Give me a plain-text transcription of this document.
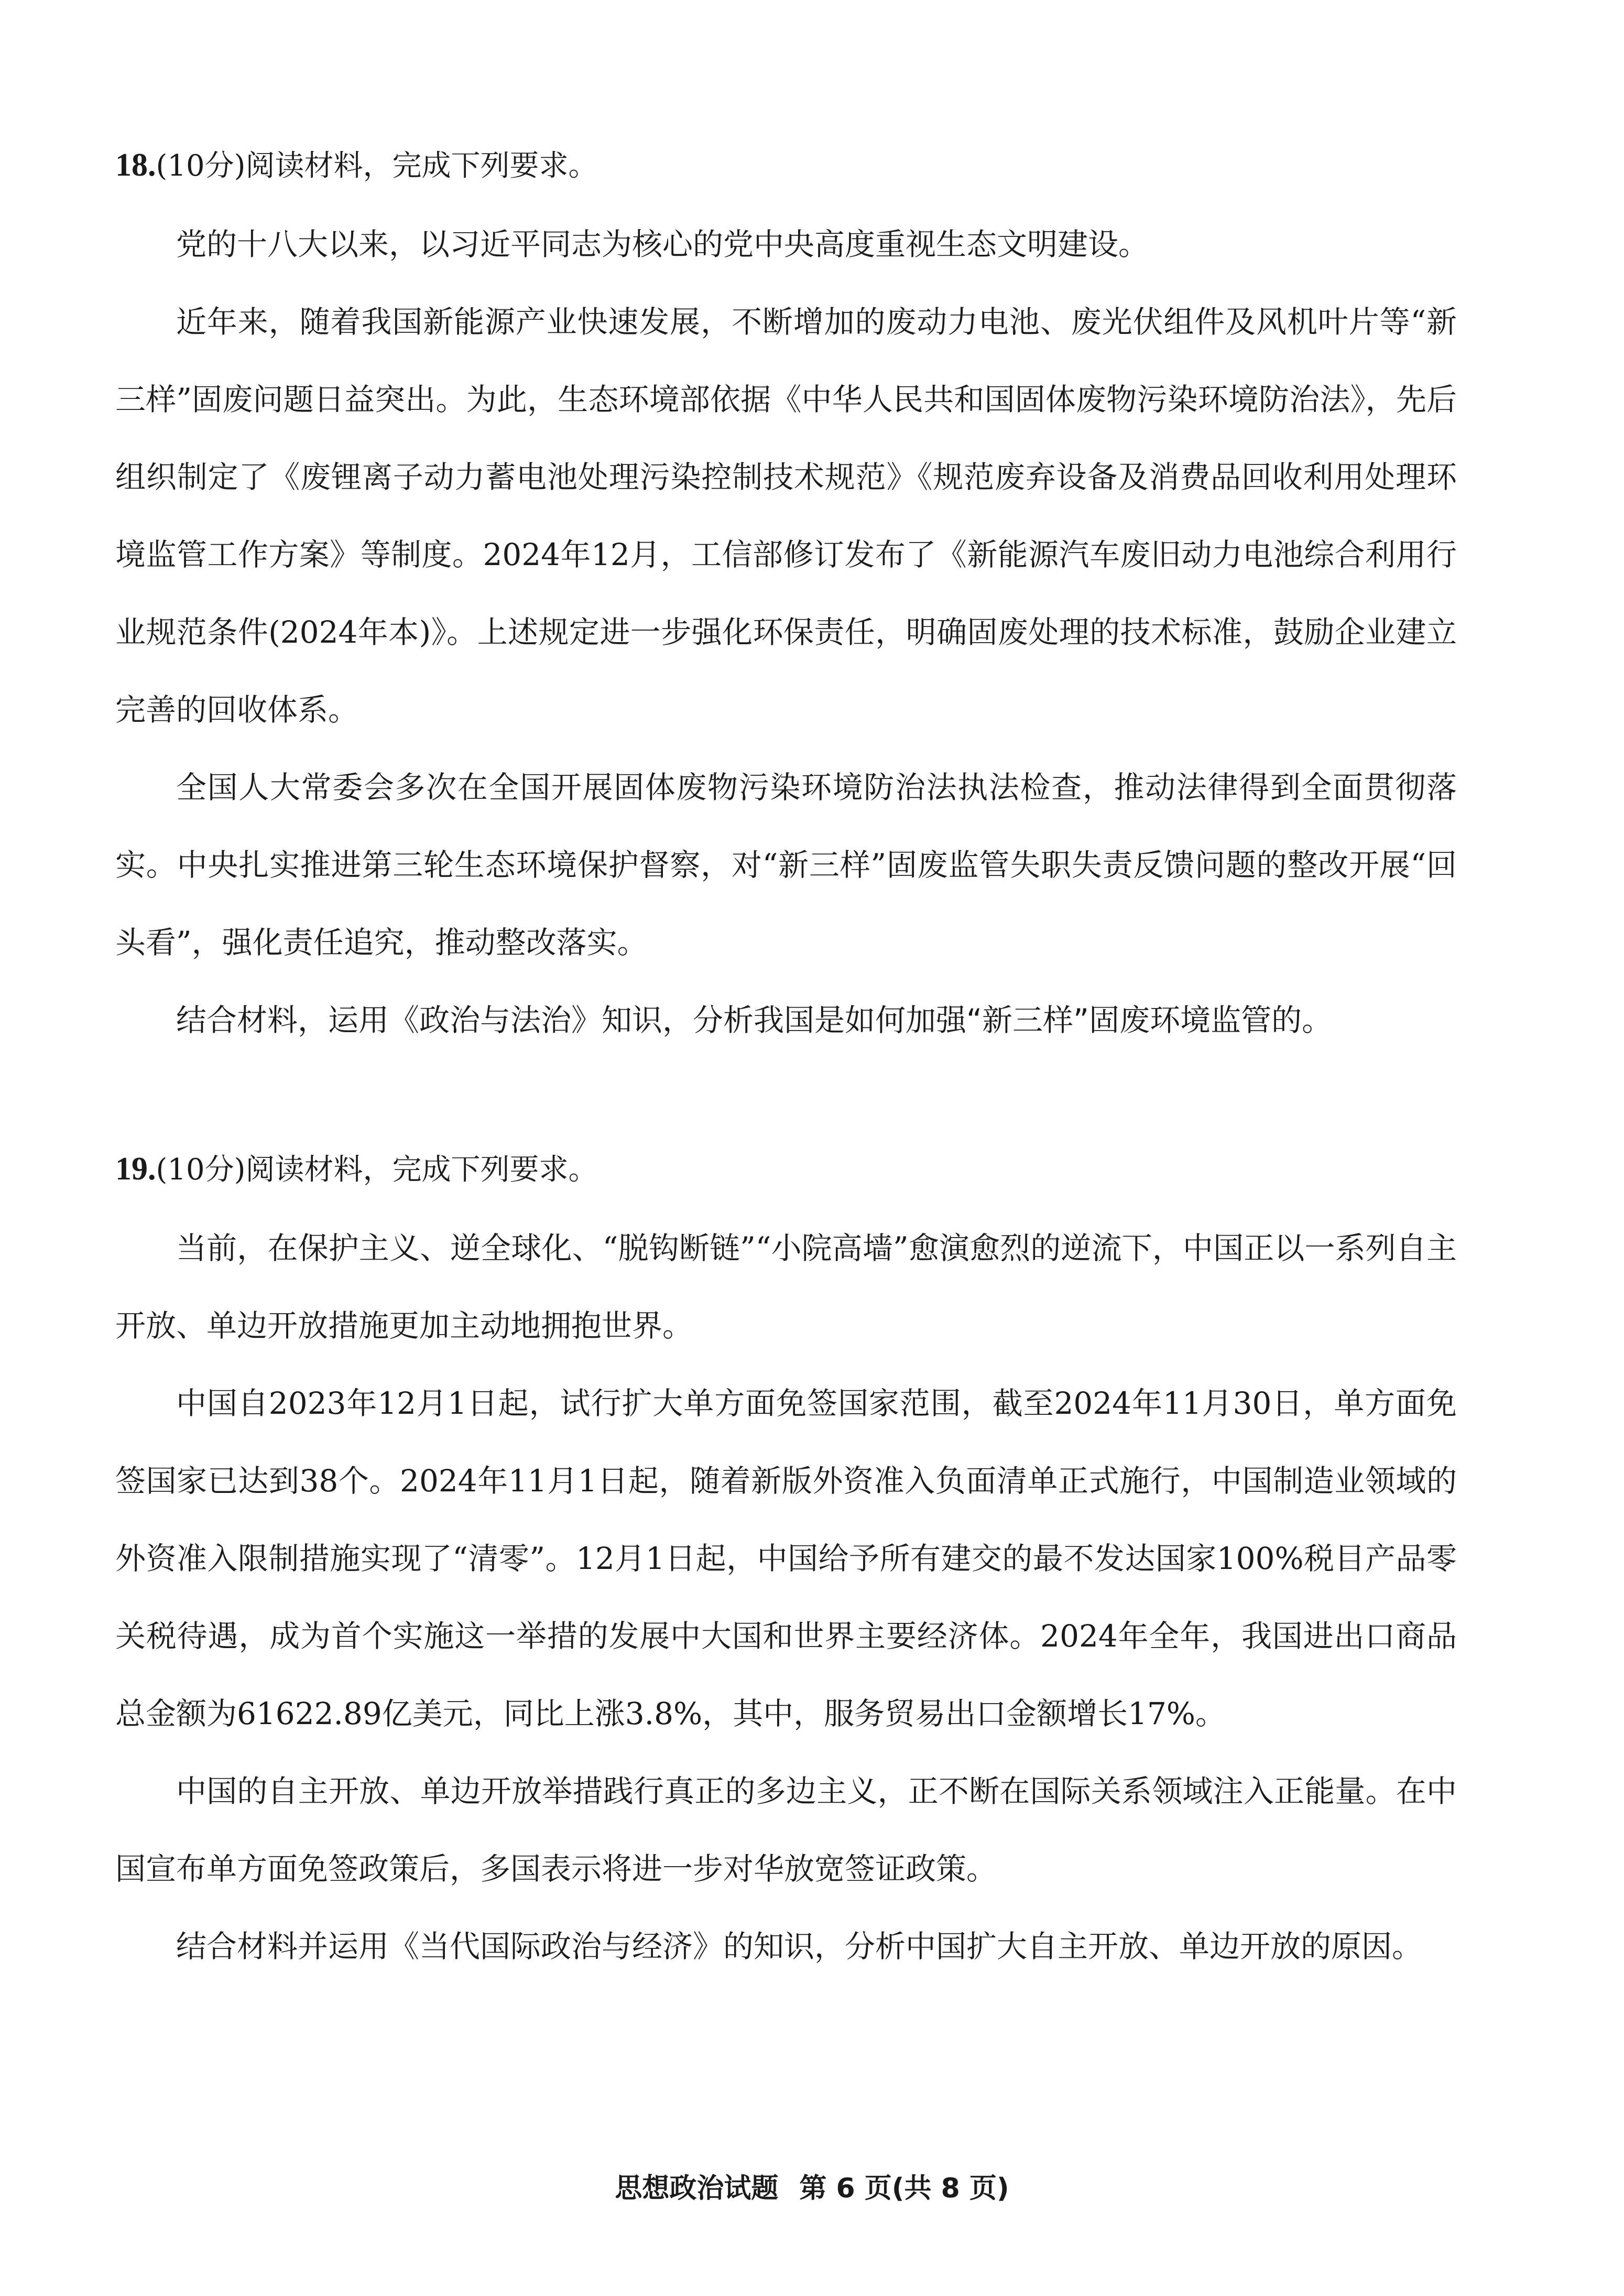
18.(10分)阅读材料，完成下列要求。

党的十八大以来，以习近平同志为核心的党中央高度重视生态文明建设。

近年来，随着我国新能源产业快速发展，不断增加的废动力电池、废光伏组件及风机叶片等“新三样”固废问题日益突出。为此，生态环境部依据《中华人民共和国固体废物污染环境防治法》，先后组织制定了《废锂离子动力蓄电池处理污染控制技术规范》《规范废弃设备及消费品回收利用处理环境监管工作方案》等制度。2024年12月，工信部修订发布了《新能源汽车废旧动力电池综合利用行业规范条件(2024年本)》。上述规定进一步强化环保责任，明确固废处理的技术标准，鼓励企业建立完善的回收体系。

全国人大常委会多次在全国开展固体废物污染环境防治法执法检查，推动法律得到全面贯彻落实。中央扎实推进第三轮生态环境保护督察，对“新三样”固废监管失职失责反馈问题的整改开展“回头看”，强化责任追究，推动整改落实。

结合材料，运用《政治与法治》知识，分析我国是如何加强“新三样”固废环境监管的。

19.(10分)阅读材料，完成下列要求。

当前，在保护主义、逆全球化、“脱钩断链”“小院高墙”愈演愈烈的逆流下，中国正以一系列自主开放、单边开放措施更加主动地拥抱世界。

中国自2023年12月1日起，试行扩大单方面免签国家范围，截至2024年11月30日，单方面免签国家已达到38个。2024年11月1日起，随着新版外资准入负面清单正式施行，中国制造业领域的外资准入限制措施实现了“清零”。12月1日起，中国给予所有建交的最不发达国家100%税目产品零关税待遇，成为首个实施这一举措的发展中大国和世界主要经济体。2024年全年，我国进出口商品总金额为61622.89亿美元，同比上涨3.8%，其中，服务贸易出口金额增长17%。

中国的自主开放、单边开放举措践行真正的多边主义，正不断在国际关系领域注入正能量。在中国宣布单方面免签政策后，多国表示将进一步对华放宽签证政策。

结合材料并运用《当代国际政治与经济》的知识，分析中国扩大自主开放、单边开放的原因。

思想政治试题 第 6 页(共 8 页)
